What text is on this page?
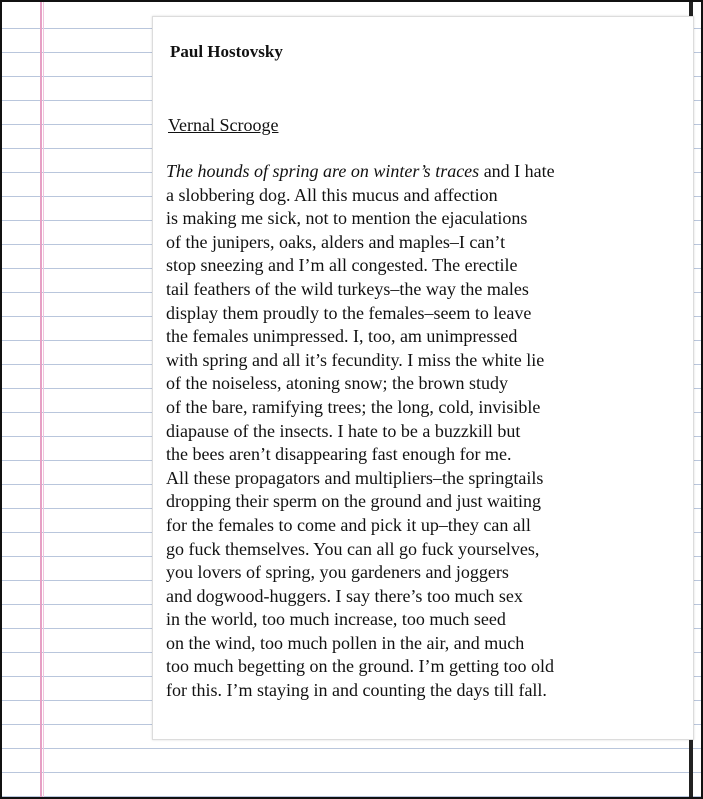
Paul Hostovsky
Vernal Scrooge
The hounds of spring are on winter’s traces and I hate
a slobbering dog. All this mucus and affection
is making me sick, not to mention the ejaculations
of the junipers, oaks, alders and maples–I can’t
stop sneezing and I’m all congested. The erectile
tail feathers of the wild turkeys–the way the males
display them proudly to the females–seem to leave
the females unimpressed. I, too, am unimpressed
with spring and all it’s fecundity. I miss the white lie
of the noiseless, atoning snow; the brown study
of the bare, ramifying trees; the long, cold, invisible
diapause of the insects. I hate to be a buzzkill but
the bees aren’t disappearing fast enough for me.
All these propagators and multipliers–the springtails
dropping their sperm on the ground and just waiting
for the females to come and pick it up–they can all
go fuck themselves. You can all go fuck yourselves,
you lovers of spring, you gardeners and joggers
and dogwood-huggers. I say there’s too much sex
in the world, too much increase, too much seed
on the wind, too much pollen in the air, and much
too much begetting on the ground. I’m getting too old
for this. I’m staying in and counting the days till fall.
